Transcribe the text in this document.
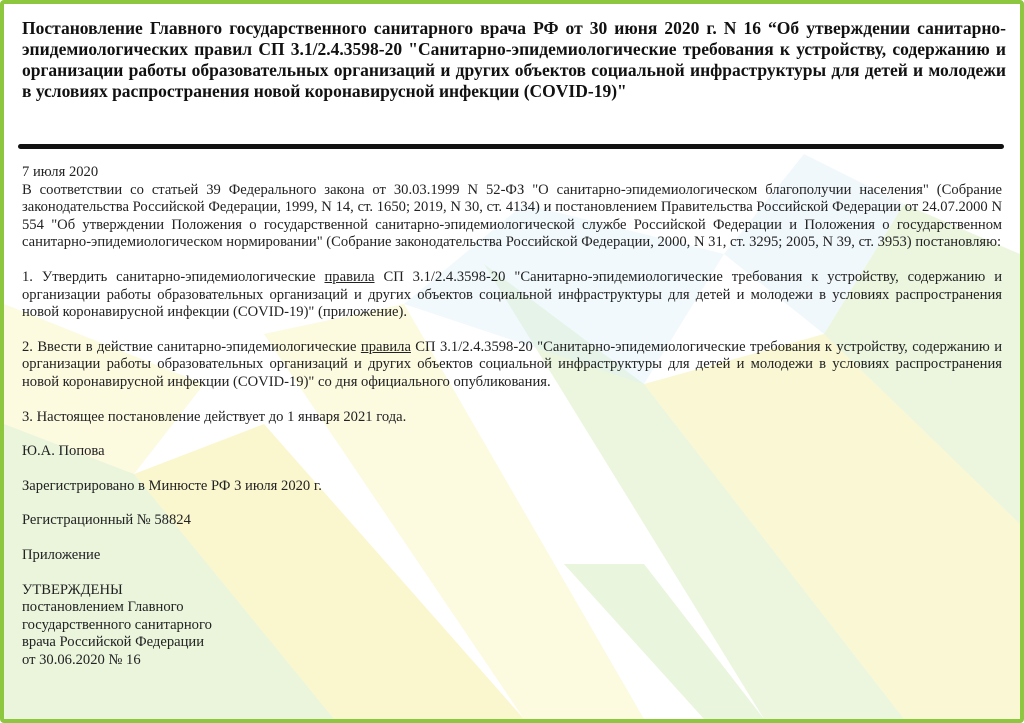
Постановление Главного государственного санитарного врача РФ от 30 июня 2020 г. N 16 “Об утверждении санитарно-эпидемиологических правил СП 3.1/2.4.3598-20 "Санитарно-эпидемиологические требования к устройству, содержанию и организации работы образовательных организаций и других объектов социальной инфраструктуры для детей и молодежи в условиях распространения новой коронавирусной инфекции (COVID-19)"

7 июля 2020

В соответствии со статьей 39 Федерального закона от 30.03.1999 N 52-ФЗ "О санитарно-эпидемиологическом благополучии населения" (Собрание законодательства Российской Федерации, 1999, N 14, ст. 1650; 2019, N 30, ст. 4134) и постановлением Правительства Российской Федерации от 24.07.2000 N 554 "Об утверждении Положения о государственной санитарно-эпидемиологической службе Российской Федерации и Положения о государственном санитарно-эпидемиологическом нормировании" (Собрание законодательства Российской Федерации, 2000, N 31, ст. 3295; 2005, N 39, ст. 3953) постановляю:

1. Утвердить санитарно-эпидемиологические правила СП 3.1/2.4.3598-20 "Санитарно-эпидемиологические требования к устройству, содержанию и организации работы образовательных организаций и других объектов социальной инфраструктуры для детей и молодежи в условиях распространения новой коронавирусной инфекции (COVID-19)" (приложение).

2. Ввести в действие санитарно-эпидемиологические правила СП 3.1/2.4.3598-20 "Санитарно-эпидемиологические требования к устройству, содержанию и организации работы образовательных организаций и других объектов социальной инфраструктуры для детей и молодежи в условиях распространения новой коронавирусной инфекции (COVID-19)" со дня официального опубликования.

3. Настоящее постановление действует до 1 января 2021 года.

Ю.А. Попова

Зарегистрировано в Минюсте РФ 3 июля 2020 г.

Регистрационный № 58824

Приложение

УТВЕРЖДЕНЫ

постановлением Главного

государственного санитарного

врача Российской Федерации

от 30.06.2020 № 16
